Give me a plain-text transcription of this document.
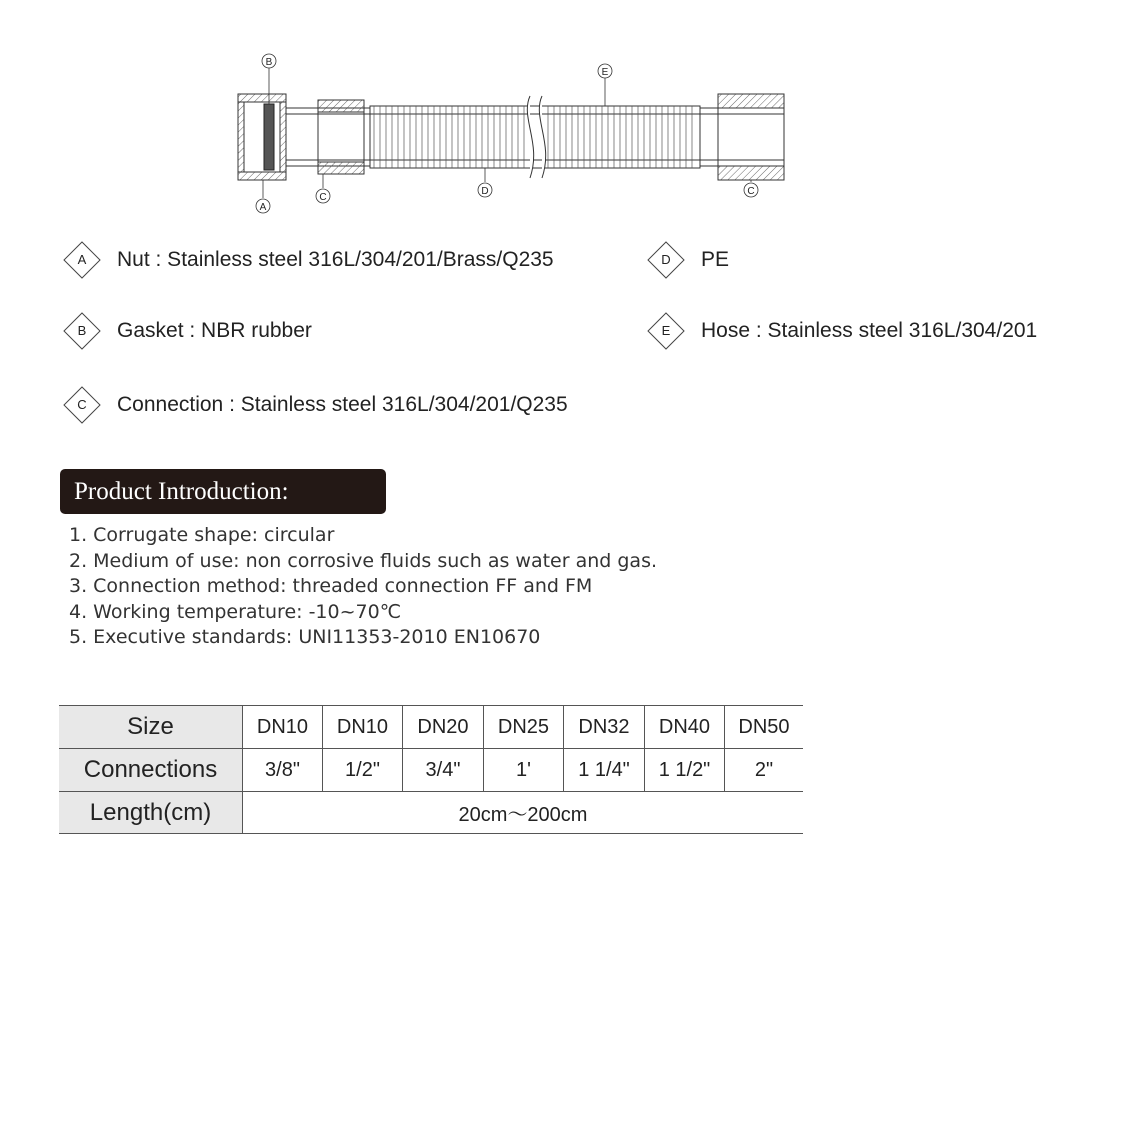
B
E
A
C
D	C
A	Nut : Stainless steel 316L/304/201/Brass/Q235	D	PE
B	Gasket : NBR rubber	E	Hose : Stainless steel 316L/304/201
C	Connection : Stainless steel 316L/304/201/Q235
Product Introduction:
1. Corrugate shape: circular
2. Medium of use: non corrosive fluids such as water and gas.
3. Connection method: threaded connection FF and FM
4. Working temperature: -10~70℃
5. Executive standards: UNI11353-2010 EN10670
Size	DN10	DN10	DN20	DN25	DN32	DN40	DN50
Connections	3/8"	1/2"	3/4"	1'	1 1/4"	1 1/2"	2"
Length(cm)	20cm～200cm						
